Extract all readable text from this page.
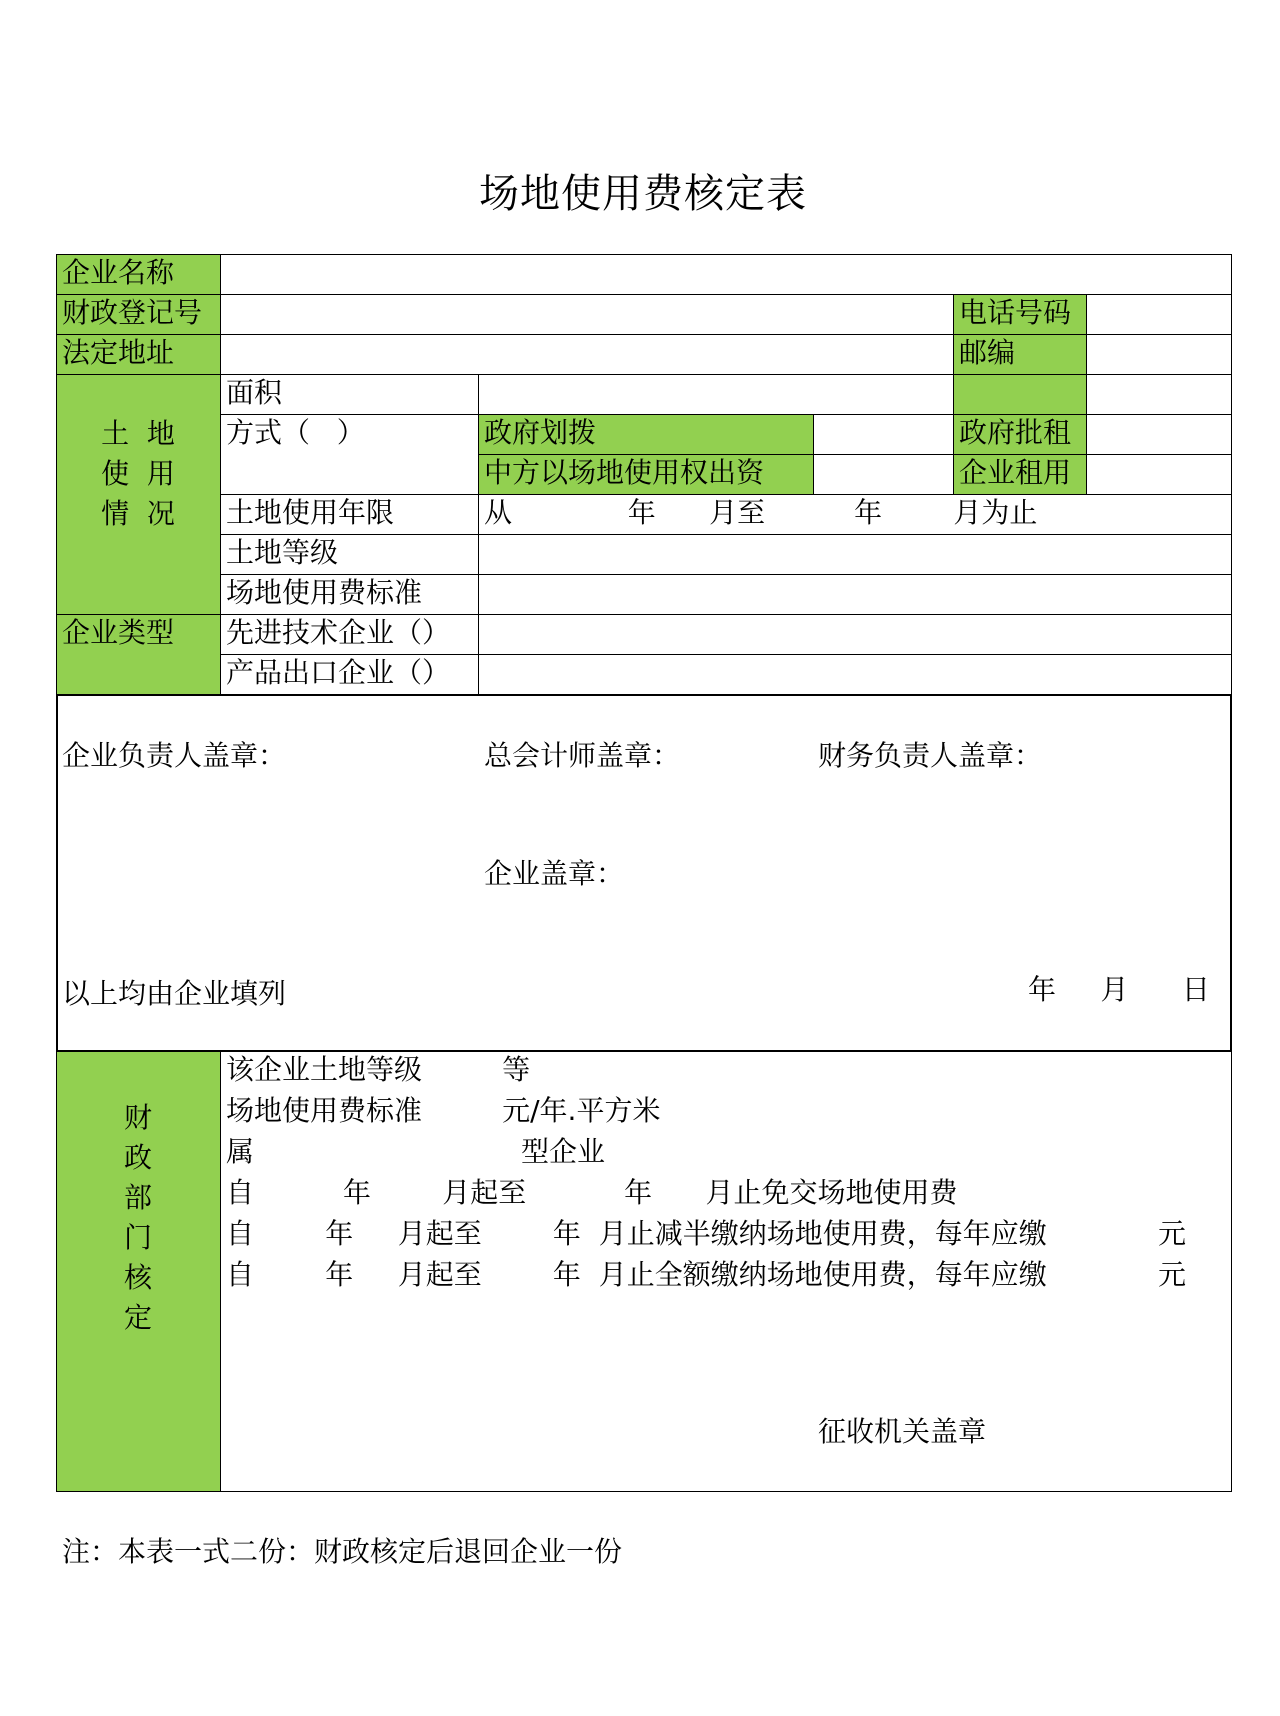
场地使用费核定表
企业名称
财政登记号	电话号码
法定地址	邮编
土  地
使  用
情  况
面积
方式（   ）	政府划拨	政府批租
中方以场地使用权出资	企业租用
土地使用年限	从             年      月至          年        月为止
土地等级
场地使用费标准
企业类型	先进技术企业（）
产品出口企业（）
企业负责人盖章：	总会计师盖章：	财务负责人盖章：
企业盖章：
以上均由企业填列	年     月      日
财
政
部
门
核
定
该企业土地等级         等
场地使用费标准         元/年.平方米
属                              型企业
自          年        月起至           年      月止免交场地使用费
自        年     月起至        年  月止减半缴纳场地使用费，每年应缴	元
自        年     月起至        年  月止全额缴纳场地使用费，每年应缴	元
征收机关盖章
注：本表一式二份：财政核定后退回企业一份
